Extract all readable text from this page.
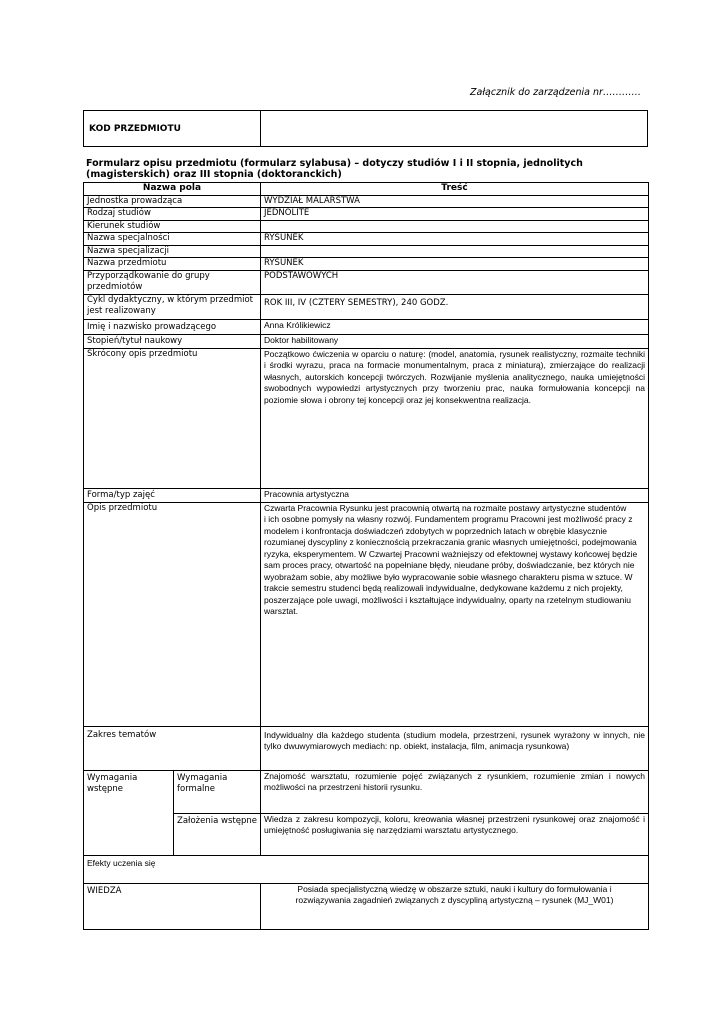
Załącznik do zarządzenia nr…………
KOD PRZEDMIOTU	
Formularz opisu przedmiotu (formularz sylabusa) – dotyczy studiów I i II stopnia, jednolitych (magisterskich) oraz III stopnia (doktoranckich)
Nazwa pola		Treść
Jednostka prowadząca		WYDZIAŁ MALARSTWA
Rodzaj studiów		JEDNOLITE
Kierunek studiów		
Nazwa specjalności		RYSUNEK
Nazwa specjalizacji		
Nazwa przedmiotu		RYSUNEK
Przyporządkowanie do grupy przedmiotów		PODSTAWOWYCH
Cykl dydaktyczny, w którym przedmiot jest realizowany		ROK III, IV (CZTERY SEMESTRY), 240 GODZ.
Imię i nazwisko prowadzącego		Anna Królikiewicz
Stopień/tytuł naukowy		Doktor habilitowany
Skrócony opis przedmiotu		Początkowo ćwiczenia w oparciu o naturę: (model, anatomia, rysunek realistyczny, rozmaite techniki i środki wyrazu, praca na formacie monumentalnym, praca z miniaturą), zmierzające do realizacji własnych, autorskich koncepcji twórczych. Rozwijanie myślenia analitycznego, nauka umiejętności swobodnych wypowiedzi artystycznych przy tworzeniu prac, nauka formułowania koncepcji na poziomie słowa i obrony tej koncepcji oraz jej konsekwentna realizacja.
Forma/typ zajęć		Pracownia artystyczna
Opis przedmiotu		Czwarta Pracownia Rysunku jest pracownią otwartą na rozmaite postawy artystyczne studentów
i ich osobne pomysły na własny rozwój. Fundamentem programu Pracowni jest możliwość pracy z modelem i konfrontacja doświadczeń zdobytych w poprzednich latach w obrębie klasycznie rozumianej dyscypliny z koniecznością przekraczania granic własnych umiejętności, podejmowania ryzyka, eksperymentem. W Czwartej Pracowni ważniejszy od efektownej wystawy końcowej będzie sam proces pracy, otwartość na popełniane błędy, nieudane próby, doświadczanie, bez których nie wyobrażam sobie, aby możliwe było wypracowanie sobie własnego charakteru pisma w sztuce. W trakcie semestru studenci będą realizowali indywidualne, dedykowane każdemu z nich projekty, poszerzające pole uwagi, możliwości i kształtujące indywidualny, oparty na rzetelnym studiowaniu warsztat.
Zakres tematów		Indywidualny dla każdego studenta (studium modela, przestrzeni, rysunek wyrażony w innych, nie tylko dwuwymiarowych mediach: np. obiekt, instalacja, film, animacja rysunkowa)
Wymagania wstępne	Wymagania formalne	Znajomość warsztatu, rozumienie pojęć związanych z rysunkiem, rozumienie zmian i nowych możliwości na przestrzeni historii rysunku.
	Założenia wstępne	Wiedza z zakresu kompozycji, koloru, kreowania własnej przestrzeni rysunkowej oraz znajomość i umiejętność posługiwania się narzędziami warsztatu artystycznego.
Efekty uczenia się		
WIEDZA		Posiada specjalistyczną wiedzę w obszarze sztuki, nauki i kultury do formułowania i rozwiązywania zagadnień związanych z dyscypliną artystyczną – rysunek (MJ_W01)
